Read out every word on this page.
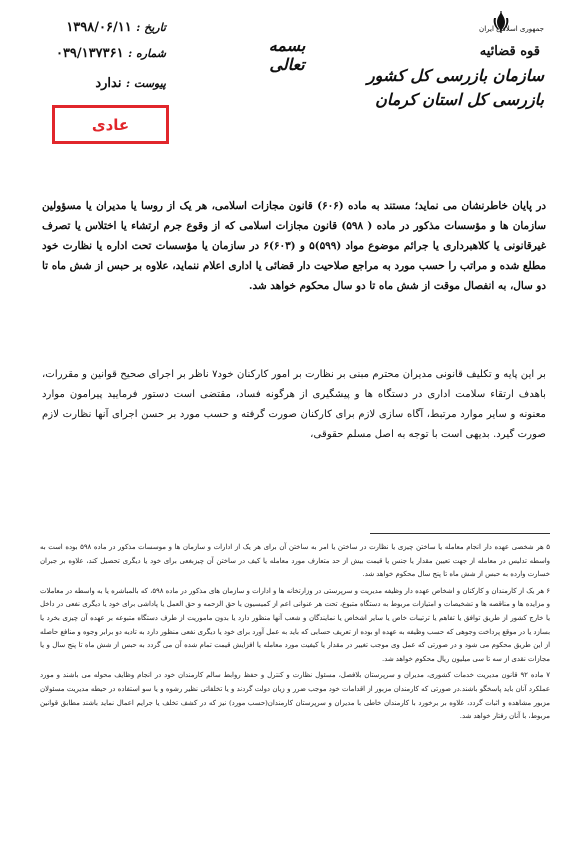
جمهوری اسلامی ایران
قوه قضائیه
سازمان بازرسی کل کشور
بازرسی کل استان کرمان
بسمه تعالی
تاریخ : ۱۳۹۸/۰۶/۱۱
شماره : ۰۳۹/۱۳۷۳۶۱
پیوست : ندارد
عادی
در پایان خاطرنشان می نماید؛ مستند به ماده (۶۰۶) قانون مجازات اسلامی، هر یک از روسا یا مدیران یا مسؤولین سازمان ها و مؤسسات مذکور در ماده ( ۵۹۸) قانون مجازات اسلامی که از وقوع جرم ارتشاء یا اختلاس یا تصرف غیرقانونی یا کلاهبرداری یا جرائم موضوع مواد (۵۹۹)۵ و (۶۰۳)۶ در سازمان یا مؤسسات تحت اداره یا نظارت خود مطلع شده و مراتب را حسب مورد به مراجع صلاحیت دار قضائی یا اداری اعلام ننماید، علاوه بر حبس از شش ماه تا دو سال، به انفصال موقت از شش ماه تا دو سال محکوم خواهد شد.
بر این پایه و تکلیف قانونی مدیران محترم مبنی بر نظارت بر امور کارکنان خود۷ ناظر بر اجرای صحیح قوانین و مقررات، باهدف ارتقاء سلامت اداری در دستگاه ها و پیشگیری از هرگونه فساد، مقتضی است دستور فرمایید پیرامون موارد معنونه و سایر موارد مرتبط، آگاه سازی لازم برای کارکنان صورت گرفته و حسب مورد بر حسن اجرای آنها نظارت لازم صورت گیرد. بدیهی است با توجه به اصل مسلم حقوقی،

۵ هر شخصی عهده دار انجام معامله یا ساختن چیزی یا نظارت در ساختن یا امر به ساختن آن برای هر یک از ادارات و سازمان ها و موسسات مذکور در ماده ۵۹۸ بوده است به واسطه تدلیس در معامله از جهت تعیین مقدار یا جنس یا قیمت بیش از حد متعارف مورد معامله یا کیف در ساختن آن چیزبغعی برای خود یا دیگری تحصیل کند، علاوه بر جبران خسارت وارده به حبس از شش ماه تا پنج سال محکوم خواهد شد.

۶ هر یک از کارمندان و کارکنان و اشخاص عهده دار وظیفه مدیریت و سرپرستی در وزارتخانه ها و ادارات و سازمان های مذکور در ماده ۵۹۸، که بالمباشره یا به واسطه در معاملات و مزایده ها و مناقصه ها و تشخیصات و امتیازات مربوط به دستگاه متبوع، تحت هر عنوانی اعم از کمیسیون یا حق الزحمه و حق العمل یا پاداشی برای خود یا دیگری نفعی در داخل یا خارج کشور از طریق توافق یا تفاهم یا ترتیبات خاص یا سایر اشخاص یا نمایندگان و شعب آنها منظور دارد یا بدون ماموریت از طرف دستگاه متبوعه بر عهده آن چیزی بخرد یا بسازد یا در موقع پرداخت وجوهی که حسب وظیفه به عهده او بوده از تعریف حسابی که باید به عمل آورد برای خود یا دیگری نفعی منظور دارد به تادیه دو برابر وجوه و منافع حاصله از این طریق محکوم می شود و در صورتی که عمل وی موجب تغییر در مقدار یا کیفیت مورد معامله یا افزایش قیمت تمام شده آن می گردد به حبس از شش ماه تا پنج سال و یا مجازات نقدی از سه تا سی میلیون ریال محکوم خواهد شد.

۷ ماده ۹۲ قانون مدیریت خدمات کشوری، مدیران و سرپرستان بلافصل، مسئول نظارت و کنترل و حفظ روابط سالم کارمندان خود در انجام وظایف محوله می باشند و مورد عملکرد آنان باید پاسخگو باشند.در صورتی که کارمندان مزبور از اقدامات خود موجب ضرر و زیان دولت گردند و یا تخلفاتی نظیر رشوه و یا سو استفاده در حیطه مدیریت مسئولان مزبور مشاهده و اثبات گردد، علاوه بر برخورد با کارمندان خاطی با مدیران و سرپرستان کارمندان(حسب مورد) نیز که در کشف تخلف یا جرایم اعمال نماید باشند مطابق قوانین مربوط، با آنان رفتار خواهد شد.
